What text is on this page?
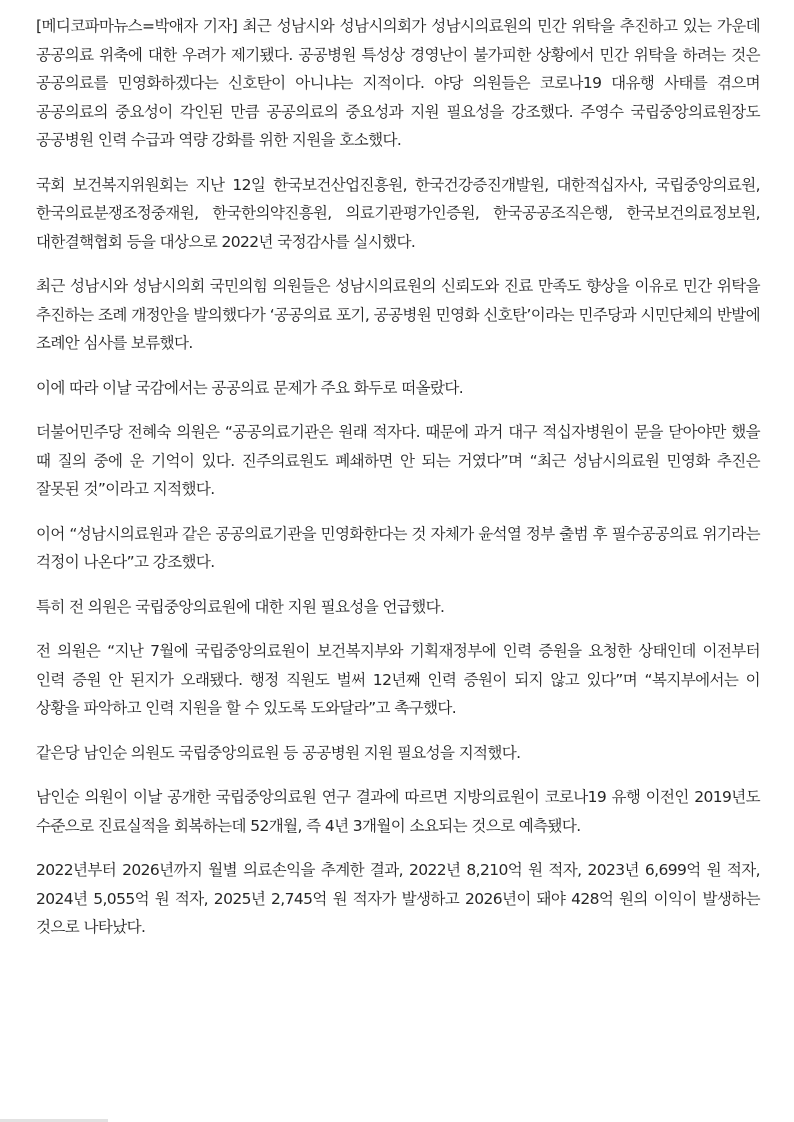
[메디코파마뉴스=박애자 기자] 최근 성남시와 성남시의회가 성남시의료원의 민간 위탁을 추진하고 있는 가운데 공공의료 위축에 대한 우려가 제기됐다. 공공병원 특성상 경영난이 불가피한 상황에서 민간 위탁을 하려는 것은 공공의료를 민영화하겠다는 신호탄이 아니냐는 지적이다. 야당 의원들은 코로나19 대유행 사태를 겪으며 공공의료의 중요성이 각인된 만큼 공공의료의 중요성과 지원 필요성을 강조했다. 주영수 국립중앙의료원장도 공공병원 인력 수급과 역량 강화를 위한 지원을 호소했다.

국회 보건복지위원회는 지난 12일 한국보건산업진흥원, 한국건강증진개발원, 대한적십자사, 국립중앙의료원, 한국의료분쟁조정중재원, 한국한의약진흥원, 의료기관평가인증원, 한국공공조직은행, 한국보건의료정보원, 대한결핵협회 등을 대상으로 2022년 국정감사를 실시했다.

최근 성남시와 성남시의회 국민의힘 의원들은 성남시의료원의 신뢰도와 진료 만족도 향상을 이유로 민간 위탁을 추진하는 조례 개정안을 발의했다가 ‘공공의료 포기, 공공병원 민영화 신호탄’이라는 민주당과 시민단체의 반발에 조례안 심사를 보류했다.

이에 따라 이날 국감에서는 공공의료 문제가 주요 화두로 떠올랐다.

더불어민주당 전혜숙 의원은 “공공의료기관은 원래 적자다. 때문에 과거 대구 적십자병원이 문을 닫아야만 했을 때 질의 중에 운 기억이 있다. 진주의료원도 폐쇄하면 안 되는 거였다”며 “최근 성남시의료원 민영화 추진은 잘못된 것”이라고 지적했다.

이어 “성남시의료원과 같은 공공의료기관을 민영화한다는 것 자체가 윤석열 정부 출범 후 필수공공의료 위기라는 걱정이 나온다”고 강조했다.

특히 전 의원은 국립중앙의료원에 대한 지원 필요성을 언급했다.

전 의원은 “지난 7월에 국립중앙의료원이 보건복지부와 기획재정부에 인력 증원을 요청한 상태인데 이전부터 인력 증원 안 된지가 오래됐다. 행정 직원도 벌써 12년째 인력 증원이 되지 않고 있다”며 “복지부에서는 이 상황을 파악하고 인력 지원을 할 수 있도록 도와달라”고 촉구했다.

같은당 남인순 의원도 국립중앙의료원 등 공공병원 지원 필요성을 지적했다.

남인순 의원이 이날 공개한 국립중앙의료원 연구 결과에 따르면 지방의료원이 코로나19 유행 이전인 2019년도 수준으로 진료실적을 회복하는데 52개월, 즉 4년 3개월이 소요되는 것으로 예측됐다.

2022년부터 2026년까지 월별 의료손익을 추계한 결과, 2022년 8,210억 원 적자, 2023년 6,699억 원 적자, 2024년 5,055억 원 적자, 2025년 2,745억 원 적자가 발생하고 2026년이 돼야 428억 원의 이익이 발생하는 것으로 나타났다.
